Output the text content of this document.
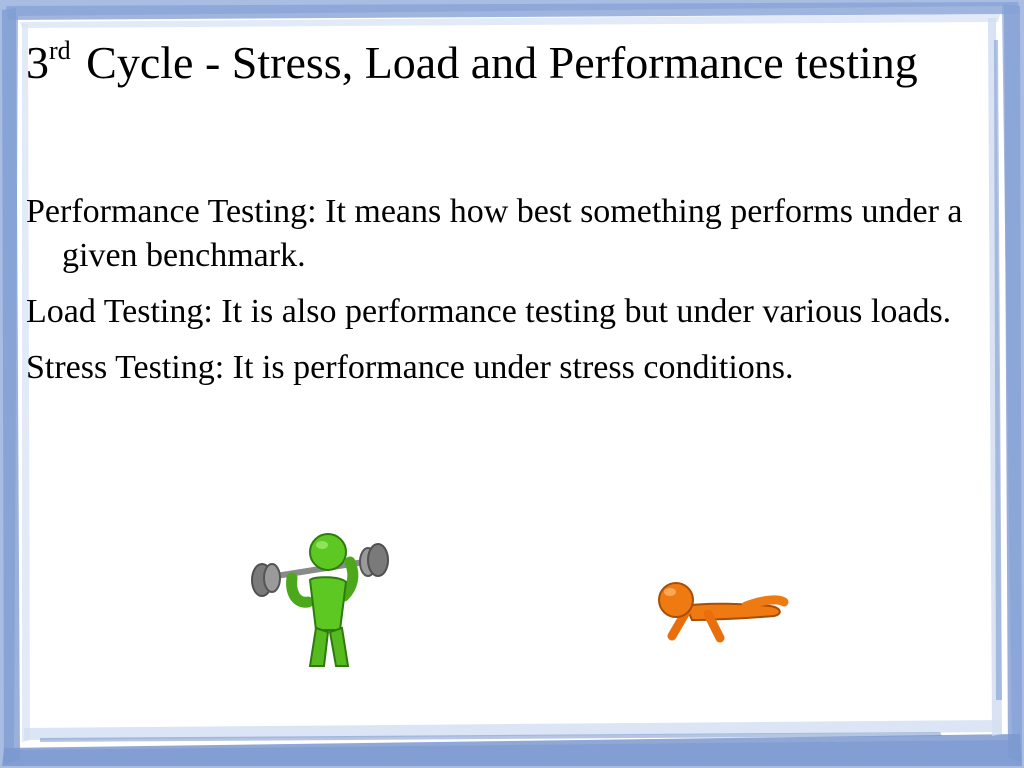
3rd Cycle - Stress, Load and Performance testing
Performance Testing: It means how best something performs under a given benchmark.
Load Testing: It is also performance testing but under various loads.
Stress Testing: It is performance under stress conditions.
